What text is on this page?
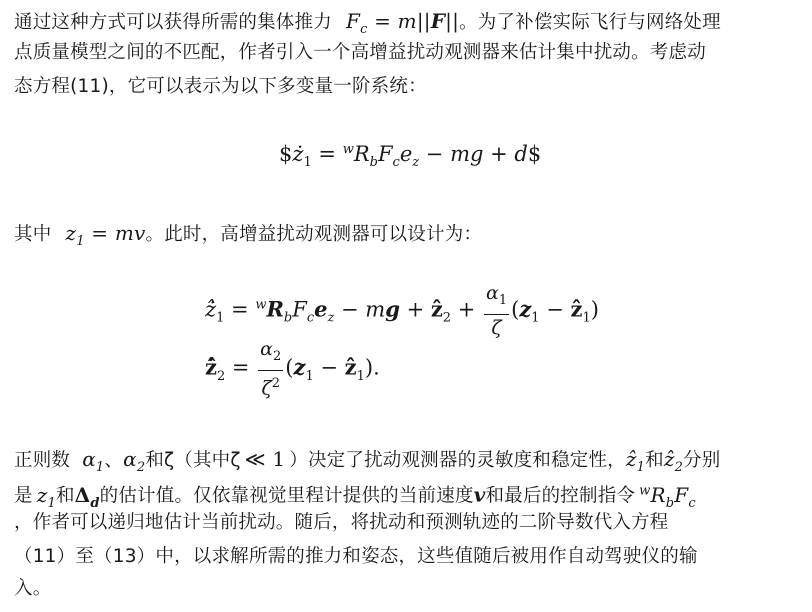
通过这种方式可以获得所需的集体推力 $F_c = m||F||$。为了补偿实际飞行与网络处理
点质量模型之间的不匹配，作者引入一个高增益扰动观测器来估计集中扰动。考虑动
态方程(11)，它可以表示为以下多变量一阶系统：
$\$ż_1 = ^wR_bF_ce_z$ − mg + d$
其中 $z_1$ = mv。此时，高增益扰动观测器可以设计为：
$ż̂_1 = ^wR_bF_ce_z$ − mg + ẑ$_2$ + $\frac{\alpha_1}{\zeta} (z_1$ − ẑ$_1$)
$ż̂_2 = \frac{\alpha_2}{\zeta^2} (z_1$ − ẑ$_1$).
正则数 $\alpha_1$、$\alpha_2$和ζ（其中ζ ≪ 1 ）决定了扰动观测器的灵敏度和稳定性，ẑ$_1$和ẑ$_2$分别
是 $z_1$和$\Delta_d$的估计值。仅依靠视觉里程计提供的当前速度v和最后的控制指令 $^wR_bF_c$
，作者可以递归地估计当前扰动。随后，将扰动和预测轨迹的二阶导数代入方程
（11）至（13）中，以求解所需的推力和姿态，这些值随后被用作自动驾驶仪的输
入。
